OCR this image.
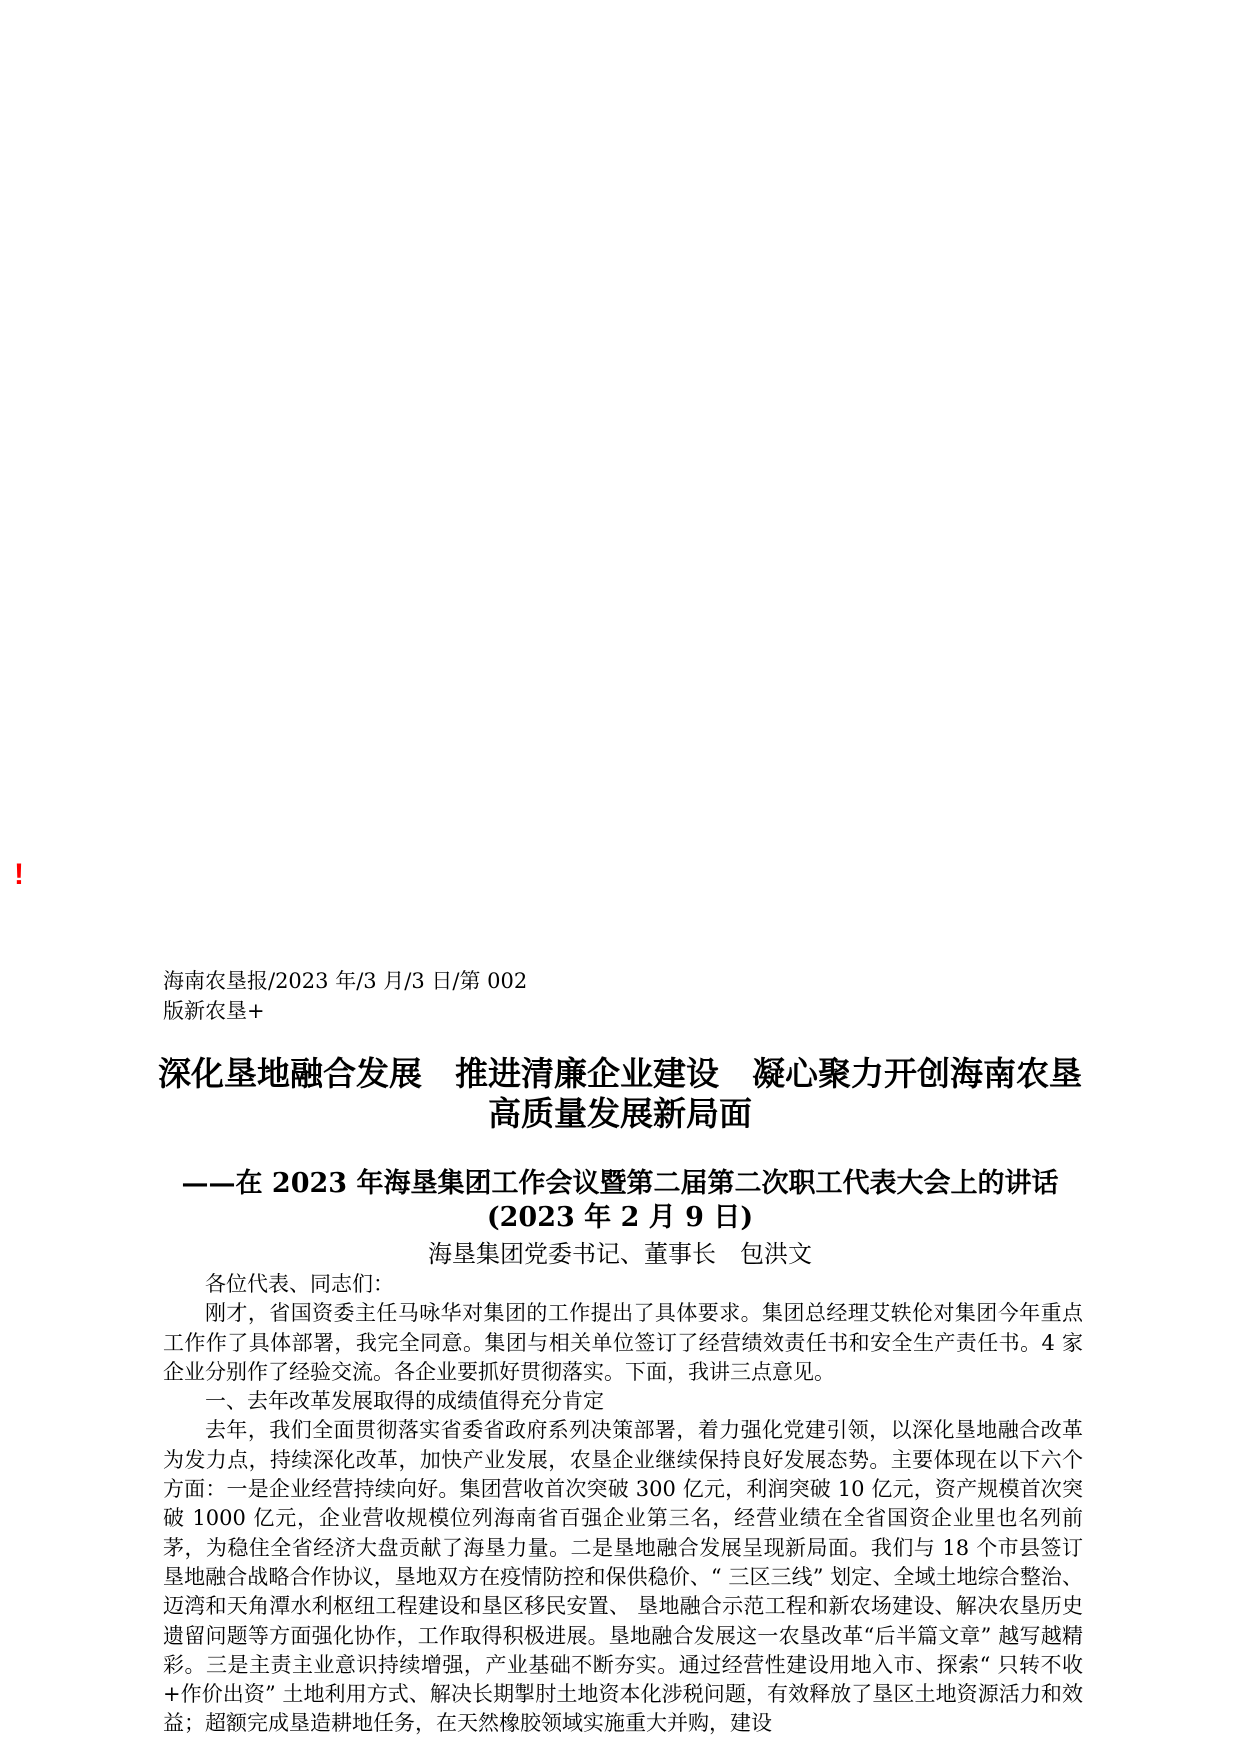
!
海南农垦报/2023 年/3 月/3 日/第 002
版新农垦+
深化垦地融合发展　推进清廉企业建设　凝心聚力开创海南农垦高质量发展新局面
——在 2023 年海垦集团工作会议暨第二届第二次职工代表大会上的讲话
(2023 年 2 月 9 日)
海垦集团党委书记、董事长　包洪文

各位代表、同志们：

刚才，省国资委主任马咏华对集团的工作提出了具体要求。集团总经理艾轶伦对集团今年重点工作作了具体部署，我完全同意。集团与相关单位签订了经营绩效责任书和安全生产责任书。4 家企业分别作了经验交流。各企业要抓好贯彻落实。下面，我讲三点意见。

一、去年改革发展取得的成绩值得充分肯定

去年，我们全面贯彻落实省委省政府系列决策部署，着力强化党建引领，以深化垦地融合改革为发力点，持续深化改革，加快产业发展，农垦企业继续保持良好发展态势。主要体现在以下六个方面：一是企业经营持续向好。集团营收首次突破 300 亿元，利润突破 10 亿元，资产规模首次突破 1000 亿元，企业营收规模位列海南省百强企业第三名，经营业绩在全省国资企业里也名列前茅，为稳住全省经济大盘贡献了海垦力量。二是垦地融合发展呈现新局面。我们与 18 个市县签订垦地融合战略合作协议，垦地双方在疫情防控和保供稳价、“ 三区三线” 划定、全域土地综合整治、 迈湾和天角潭水利枢纽工程建设和垦区移民安置、 垦地融合示范工程和新农场建设、解决农垦历史遗留问题等方面强化协作，工作取得积极进展。垦地融合发展这一农垦改革“后半篇文章” 越写越精彩。三是主责主业意识持续增强，产业基础不断夯实。通过经营性建设用地入市、探索“ 只转不收+作价出资” 土地利用方式、解决长期掣肘土地资本化涉税问题，有效释放了垦区土地资源活力和效益；超额完成垦造耕地任务，在天然橡胶领域实施重大并购，建设
